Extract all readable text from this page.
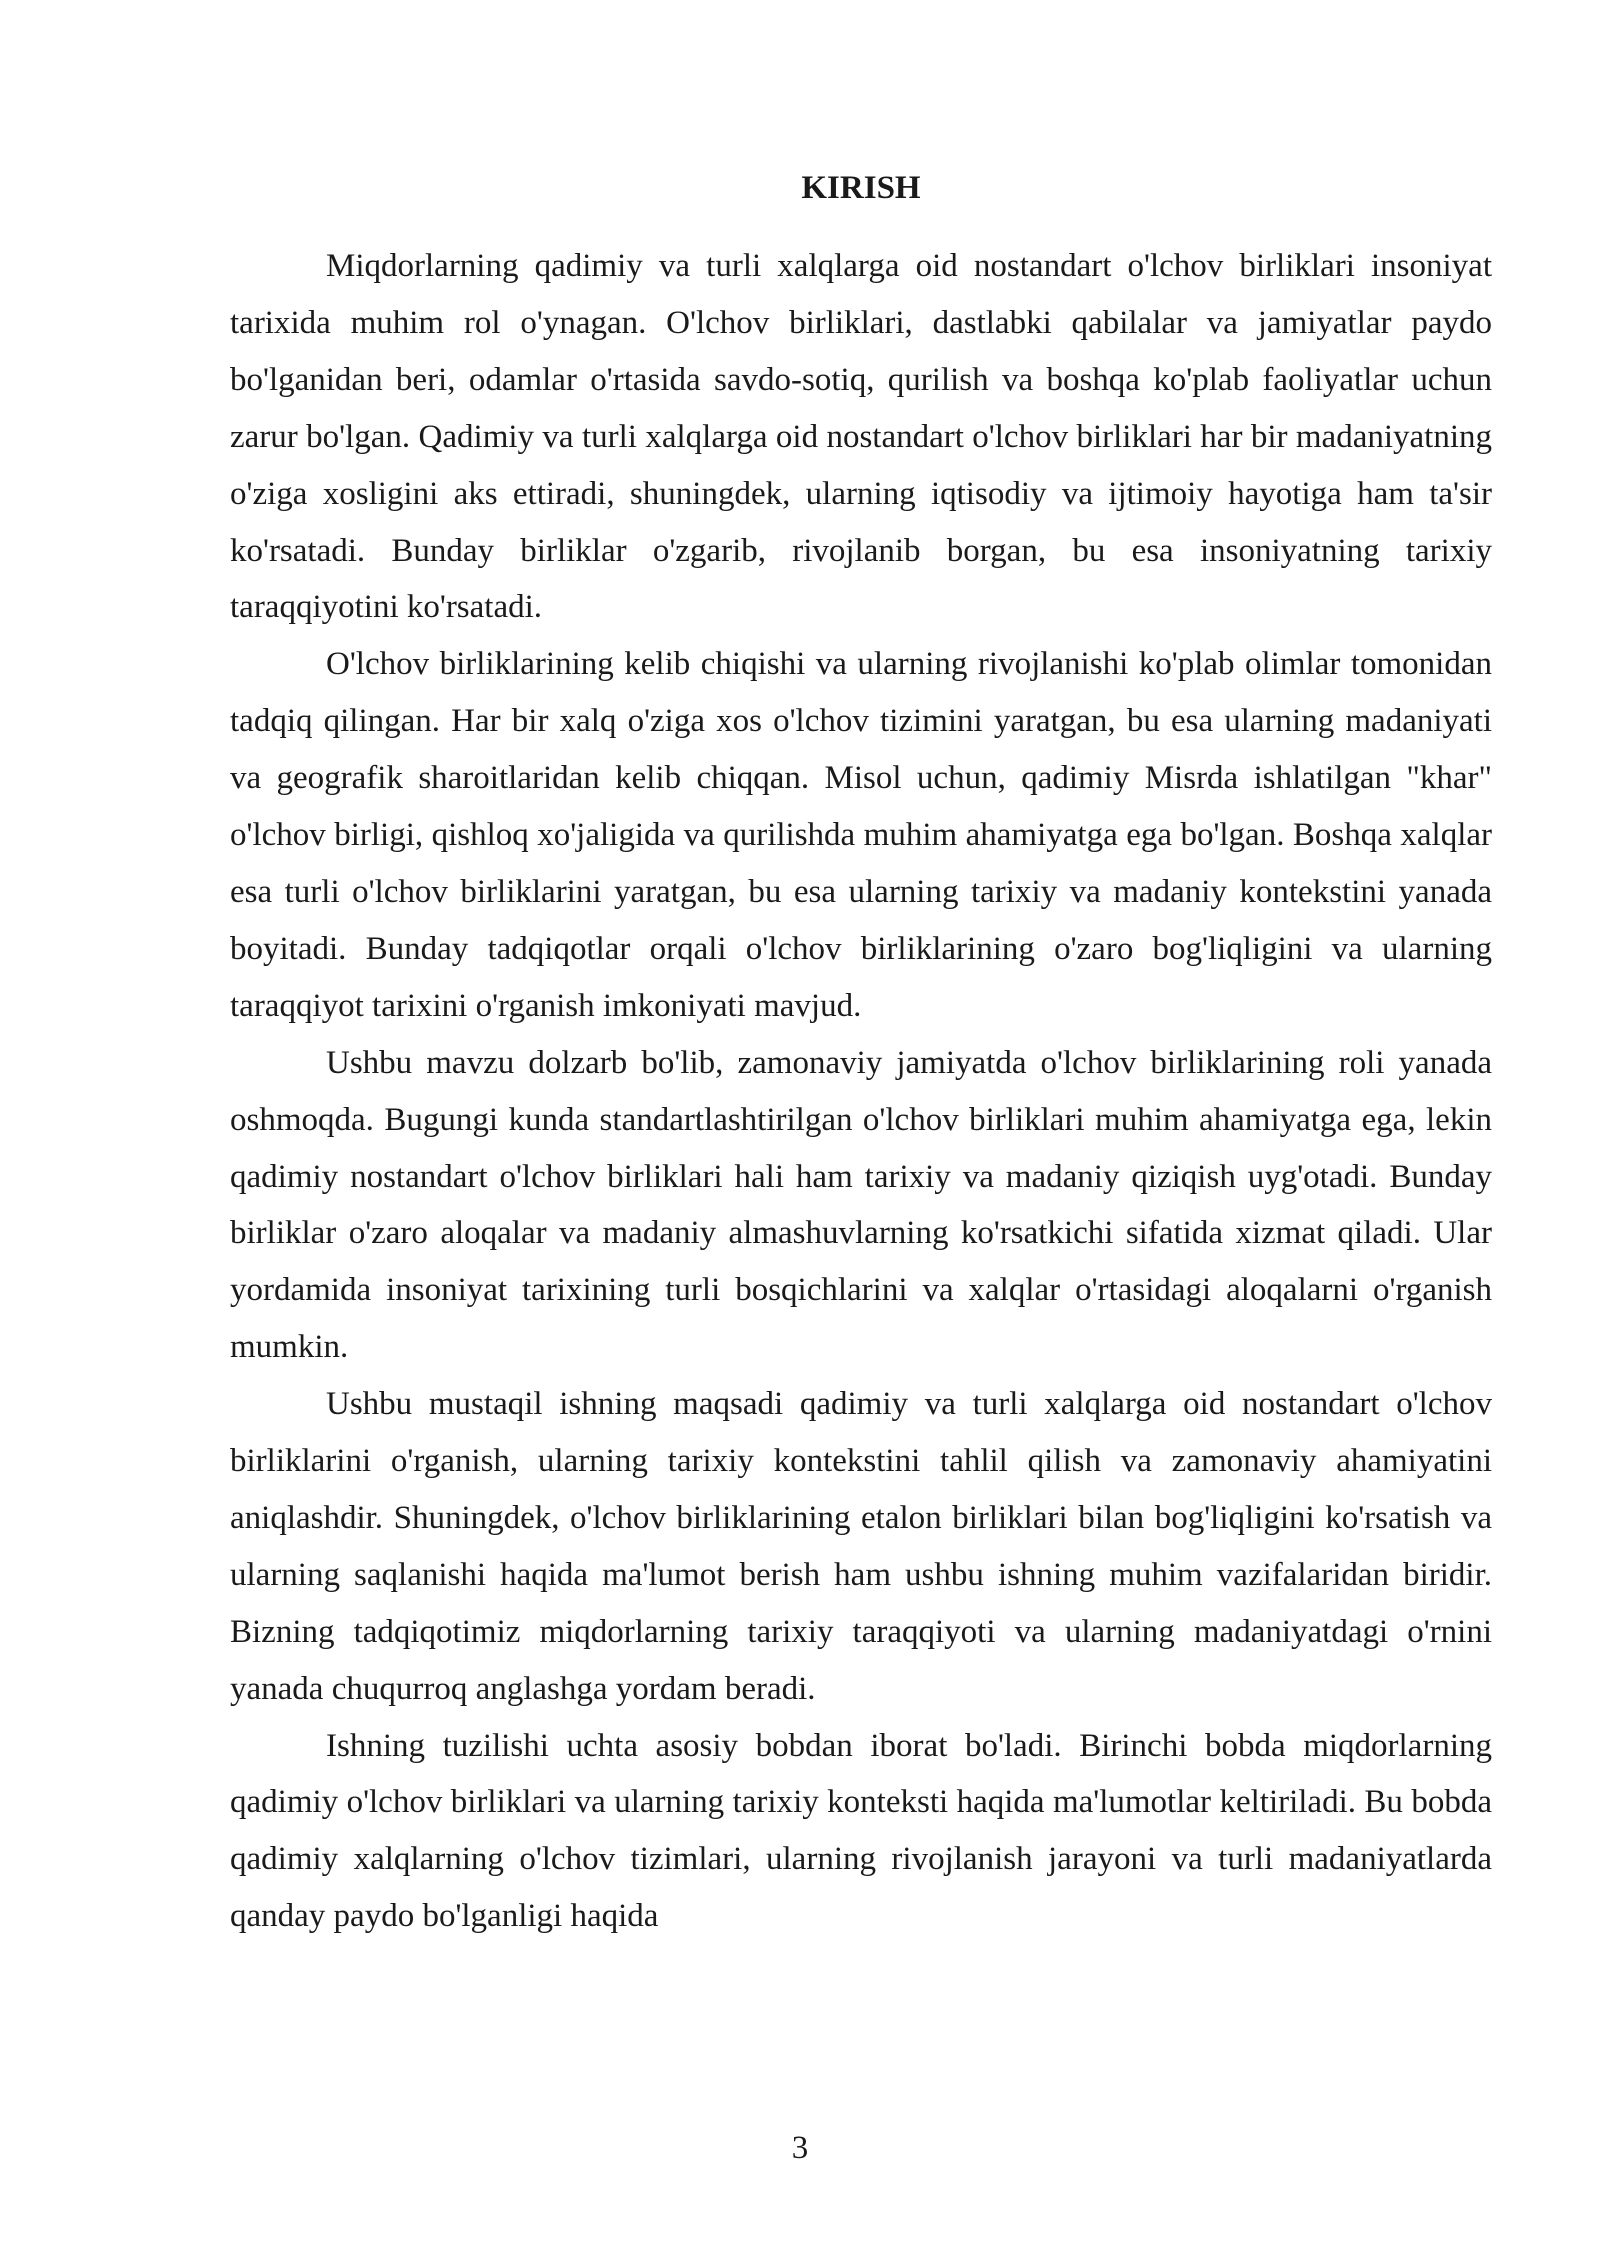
KIRISH

Miqdorlarning qadimiy va turli xalqlarga oid nostandart o'lchov birliklari insoniyat tarixida muhim rol o'ynagan. O'lchov birliklari, dastlabki qabilalar va jamiyatlar paydo bo'lganidan beri, odamlar o'rtasida savdo-sotiq, qurilish va boshqa ko'plab faoliyatlar uchun zarur bo'lgan. Qadimiy va turli xalqlarga oid nostandart o'lchov birliklari har bir madaniyatning o'ziga xosligini aks ettiradi, shuningdek, ularning iqtisodiy va ijtimoiy hayotiga ham ta'sir ko'rsatadi. Bunday birliklar o'zgarib, rivojlanib borgan, bu esa insoniyatning tarixiy taraqqiyotini ko'rsatadi.

O'lchov birliklarining kelib chiqishi va ularning rivojlanishi ko'plab olimlar tomonidan tadqiq qilingan. Har bir xalq o'ziga xos o'lchov tizimini yaratgan, bu esa ularning madaniyati va geografik sharoitlaridan kelib chiqqan. Misol uchun, qadimiy Misrda ishlatilgan "khar" o'lchov birligi, qishloq xo'jaligida va qurilishda muhim ahamiyatga ega bo'lgan. Boshqa xalqlar esa turli o'lchov birliklarini yaratgan, bu esa ularning tarixiy va madaniy kontekstini yanada boyitadi. Bunday tadqiqotlar orqali o'lchov birliklarining o'zaro bog'liqligini va ularning taraqqiyot tarixini o'rganish imkoniyati mavjud.

Ushbu mavzu dolzarb bo'lib, zamonaviy jamiyatda o'lchov birliklarining roli yanada oshmoqda. Bugungi kunda standartlashtirilgan o'lchov birliklari muhim ahamiyatga ega, lekin qadimiy nostandart o'lchov birliklari hali ham tarixiy va madaniy qiziqish uyg'otadi. Bunday birliklar o'zaro aloqalar va madaniy almashuvlarning ko'rsatkichi sifatida xizmat qiladi. Ular yordamida insoniyat tarixining turli bosqichlarini va xalqlar o'rtasidagi aloqalarni o'rganish mumkin.

Ushbu mustaqil ishning maqsadi qadimiy va turli xalqlarga oid nostandart o'lchov birliklarini o'rganish, ularning tarixiy kontekstini tahlil qilish va zamonaviy ahamiyatini aniqlashdir. Shuningdek, o'lchov birliklarining etalon birliklari bilan bog'liqligini ko'rsatish va ularning saqlanishi haqida ma'lumot berish ham ushbu ishning muhim vazifalaridan biridir. Bizning tadqiqotimiz miqdorlarning tarixiy taraqqiyoti va ularning madaniyatdagi o'rnini yanada chuqurroq anglashga yordam beradi.

Ishning tuzilishi uchta asosiy bobdan iborat bo'ladi. Birinchi bobda miqdorlarning qadimiy o'lchov birliklari va ularning tarixiy konteksti haqida ma'lumotlar keltiriladi. Bu bobda qadimiy xalqlarning o'lchov tizimlari, ularning rivojlanish jarayoni va turli madaniyatlarda qanday paydo bo'lganligi haqida

3
